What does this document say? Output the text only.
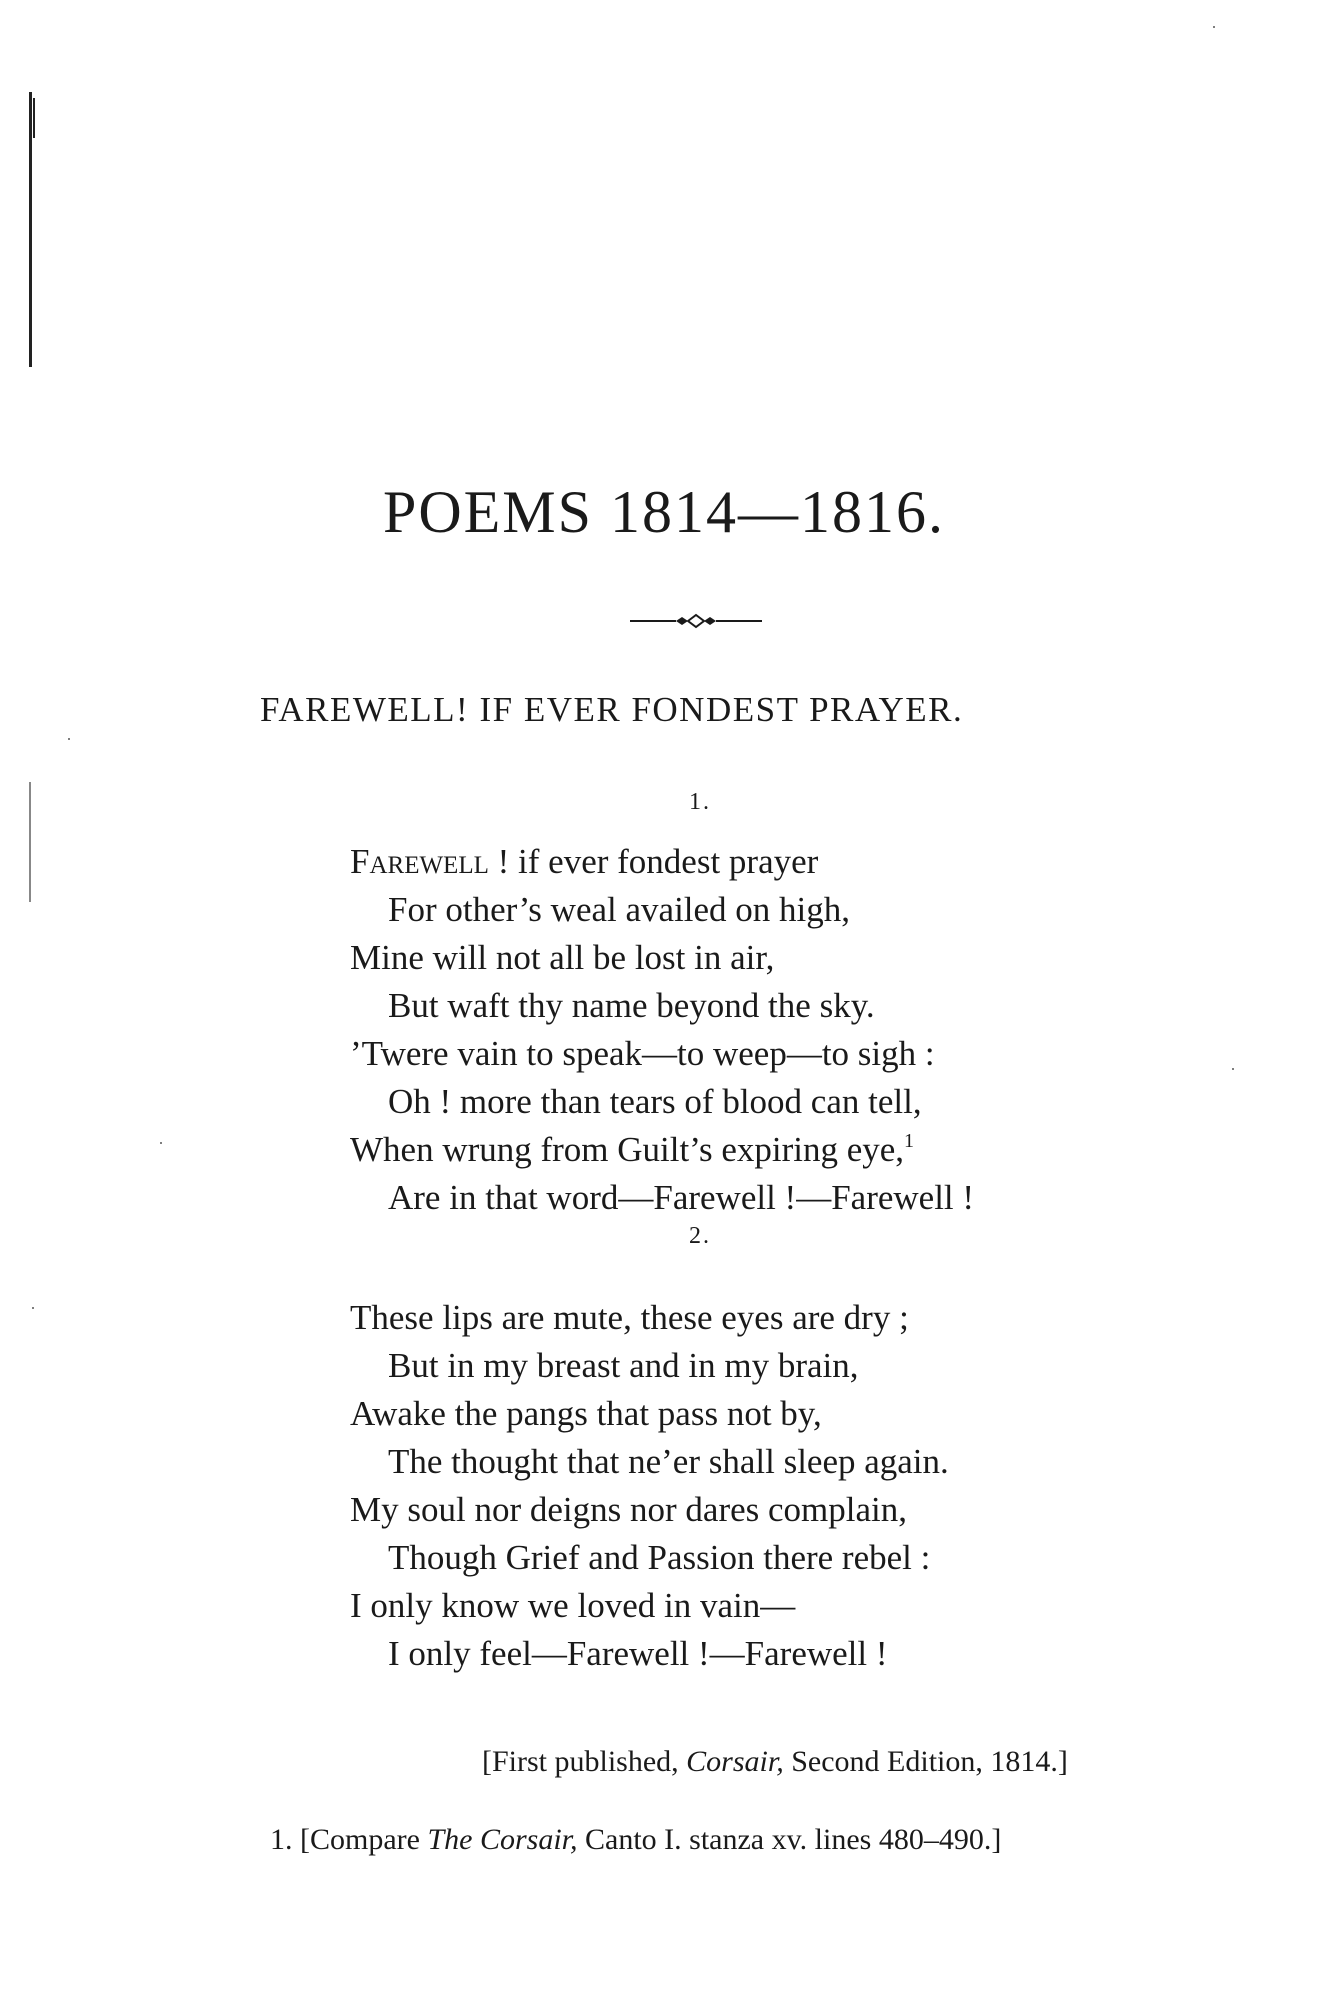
POEMS 1814—1816.
FAREWELL! IF EVER FONDEST PRAYER.
1.
Farewell ! if ever fondest prayer
For other’s weal availed on high,
Mine will not all be lost in air,
But waft thy name beyond the sky.
’Twere vain to speak—to weep—to sigh :
Oh ! more than tears of blood can tell,
When wrung from Guilt’s expiring eye,$^1$
Are in that word—Farewell !—Farewell !
2.
These lips are mute, these eyes are dry ;
But in my breast and in my brain,
Awake the pangs that pass not by,
The thought that ne’er shall sleep again.
My soul nor deigns nor dares complain,
Though Grief and Passion there rebel :
I only know we loved in vain—
I only feel—Farewell !—Farewell !
[First published, Corsair, Second Edition, 1814.]
1. [Compare The Corsair, Canto I. stanza xv. lines 480–490.]
